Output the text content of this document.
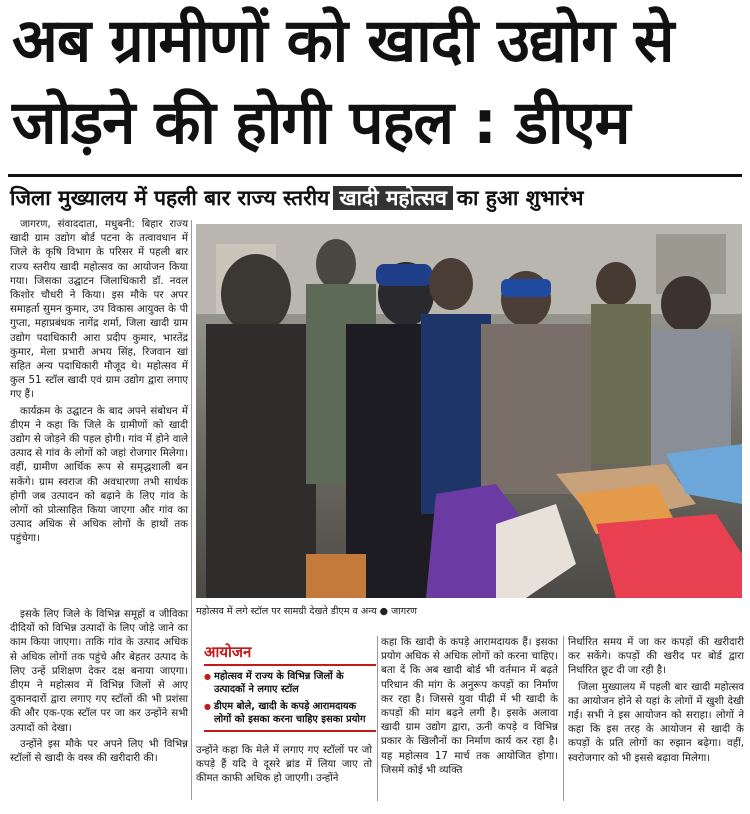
अब ग्रामीणों को खादी उद्योग से
जोड़ने की होगी पहल : डीएम
जिला मुख्यालय में पहली बार राज्य स्तरीय खादी महोत्सव का हुआ शुभारंभ

जागरण, संवाददाता, मधुबनी: बिहार राज्य खादी ग्राम उद्योग बोर्ड पटना के तत्वावधान में जिले के कृषि विभाग के परिसर में पहली बार राज्य स्तरीय खादी महोत्सव का आयोजन किया गया। जिसका उद्घाटन जिलाधिकारी डॉ. नवल किशोर चौधरी ने किया। इस मौके पर अपर समाहर्ता सुमन कुमार, उप विकास आयुक्त के पी गुप्ता, महाप्रबंधक नागेंद्र शर्मा, जिला खादी ग्राम उद्योग पदाधिकारी आरा प्रदीप कुमार, भारतेंद्र कुमार, मेला प्रभारी अभय सिंह, रिजवान खां सहित अन्य पदाधिकारी मौजूद थे। महोत्सव में कुल 51 स्टॉल खादी एवं ग्राम उद्योग द्वारा लगाए गए हैं।

कार्यक्रम के उद्घाटन के बाद अपने संबोधन में डीएम ने कहा कि जिले के ग्रामीणों को खादी उद्योग से जोड़ने की पहल होगी। गांव में होने वाले उत्पाद से गांव के लोगों को जहां रोजगार मिलेगा। वहीं, ग्रामीण आर्थिक रूप से समृद्धशाली बन सकेंगे। ग्राम स्वराज की अवधारणा तभी सार्थक होगी जब उत्पादन को बढ़ाने के लिए गांव के लोगों को प्रोत्साहित किया जाएगा और गांव का उत्पाद अधिक से अधिक लोगों के हाथों तक पहुंचेगा।

महोत्सव में लगे स्टॉल पर सामग्री देखते डीएम व अन्य ● जागरण

इसके लिए जिले के विभिन्न समूहों व जीविका दीदियों को विभिन्न उत्पादों के लिए जोड़े जाने का काम किया जाएगा। ताकि गांव के उत्पाद अधिक से अधिक लोगों तक पहुंचे और बेहतर उत्पाद के लिए उन्हें प्रशिक्षण देकर दक्ष बनाया जाएगा। डीएम ने महोत्सव में विभिन्न जिलों से आए दुकानदारों द्वारा लगाए गए स्टॉलों की भी प्रशंसा की और एक-एक स्टॉल पर जा कर उन्होंने सभी उत्पादों को देखा।

उन्होंने इस मौके पर अपने लिए भी विभिन्न स्टॉलों से खादी के वस्त्र की खरीदारी की।

आयोजन
● महोत्सव में राज्य के विभिन्न जिलों के उत्पादकों ने लगाए स्टॉल
● डीएम बोले, खादी के कपड़े आरामदायक लोगों को इसका करना चाहिए इसका प्रयोग

उन्होंने कहा कि मेले में लगाए गए स्टॉलों पर जो कपड़े हैं यदि वे दूसरे ब्रांड में लिया जाए तो कीमत काफी अधिक हो जाएगी। उन्होंने

कहा कि खादी के कपड़े आरामदायक हैं। इसका प्रयोग अधिक से अधिक लोगों को करना चाहिए। बता दें कि अब खादी बोर्ड भी वर्तमान में बढ़ते परिधान की मांग के अनुरूप कपड़ों का निर्माण कर रहा है। जिससे युवा पीढ़ी में भी खादी के कपड़ों की मांग बढ़ने लगी है। इसके अलावा खादी ग्राम उद्योग द्वारा, ऊनी कपड़े व विभिन्न प्रकार के खिलौनों का निर्माण कार्य कर रहा है। यह महोत्सव 17 मार्च तक आयोजित होगा। जिसमें कोई भी व्यक्ति

निर्धारित समय में जा कर कपड़ों की खरीदारी कर सकेंगे। कपड़ों की खरीद पर बोर्ड द्वारा निर्धारित छूट दी जा रही है।

जिला मुख्यालय में पहली बार खादी महोत्सव का आयोजन होने से यहां के लोगों में खुशी देखी गई। सभी ने इस आयोजन को सराहा। लोगों ने कहा कि इस तरह के आयोजन से खादी के कपड़ों के प्रति लोगों का रुझान बढ़ेगा। वहीं, स्वरोजगार को भी इससे बढ़ावा मिलेगा।
